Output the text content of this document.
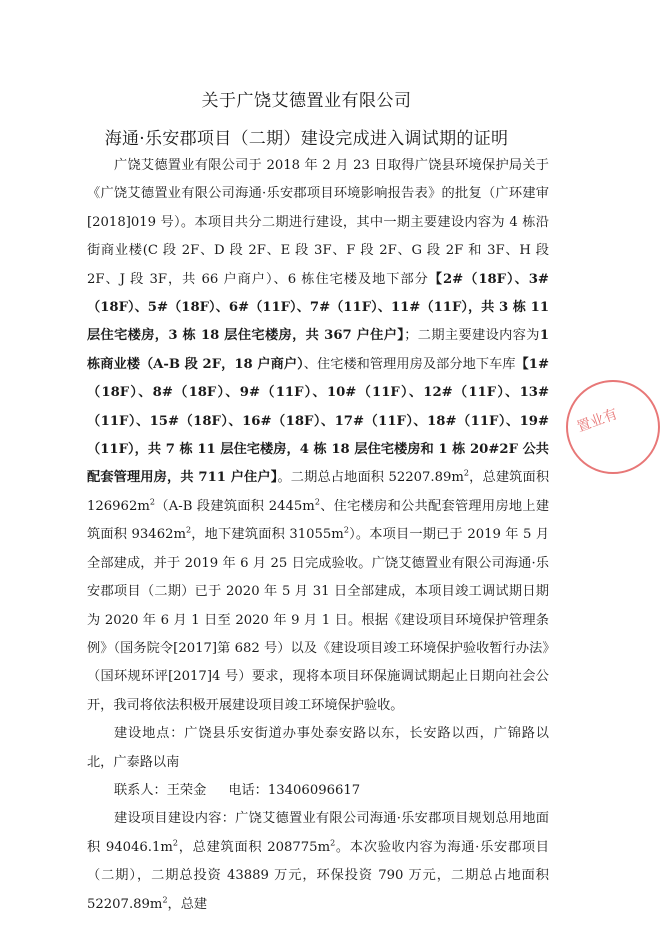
关于广饶艾德置业有限公司
海通·乐安郡项目（二期）建设完成进入调试期的证明

广饶艾德置业有限公司于 2018 年 2 月 23 日取得广饶县环境保护局关于《广饶艾德置业有限公司海通·乐安郡项目环境影响报告表》的批复（广环建审[2018]019 号）。本项目共分二期进行建设，其中一期主要建设内容为 4 栋沿街商业楼(C 段 2F、D 段 2F、E 段 3F、F 段 2F、G 段 2F 和 3F、H 段 2F、J 段 3F，共 66 户商户）、6 栋住宅楼及地下部分【2#（18F）、3#（18F）、5#（18F）、6#（11F）、7#（11F）、11#（11F），共 3 栋 11 层住宅楼房，3 栋 18 层住宅楼房，共 367 户住户】；二期主要建设内容为1 栋商业楼（A-B 段 2F，18 户商户）、住宅楼和管理用房及部分地下车库【1#（18F）、8#（18F）、9#（11F）、10#（11F）、12#（11F）、13#（11F）、15#（18F）、16#（18F）、17#（11F）、18#（11F）、19#（11F），共 7 栋 11 层住宅楼房，4 栋 18 层住宅楼房和 1 栋 20#2F 公共配套管理用房，共 711 户住户】。二期总占地面积 $52207.89m^2$，总建筑面积 $126962m^2(A-B$ 段建筑面积 $2445m^2$、住宅楼房和公共配套管理用房地上建筑面积 $93462m^2$，地下建筑面积 $31055m^2$）。本项目一期已于 2019 年 5 月全部建成，并于 2019 年 6 月 25 日完成验收。广饶艾德置业有限公司海通·乐安郡项目（二期）已于 2020 年 5 月 31 日全部建成，本项目竣工调试期日期为 2020 年 6 月 1 日至 2020 年 9 月 1 日。根据《建设项目环境保护管理条例》（国务院令[2017]第 682 号）以及《建设项目竣工环境保护验收暂行办法》（国环规环评[2017]4 号）要求，现将本项目环保施调试期起止日期向社会公开，我司将依法积极开展建设项目竣工环境保护验收。

建设地点：广饶县乐安街道办事处泰安路以东，长安路以西，广锦路以北，广泰路以南

联系人：王荣金 电话：13406096617

建设项目建设内容：广饶艾德置业有限公司海通·乐安郡项目规划总用地面积 $94046.1m^2$，总建筑面积 $208775m^2$。本次验收内容为海通·乐安郡项目（二期），二期总投资 43889 万元，环保投资 790 万元，二期总占地面积 $52207.89m^2$，总建

置业有
